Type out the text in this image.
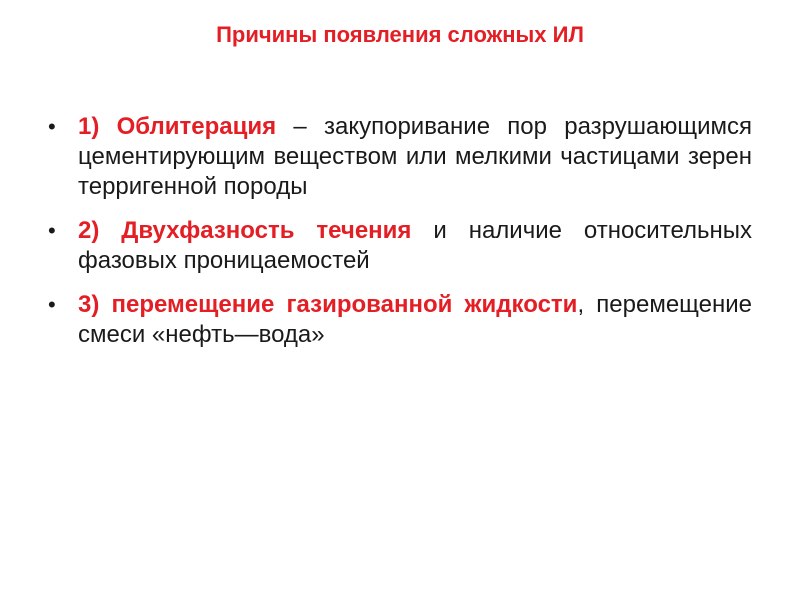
Причины появления сложных ИЛ
• 1) Облитерация – закупоривание пор разрушающимся цементирующим веществом или мелкими частицами зерен терригенной породы
• 2) Двухфазность течения и наличие относительных фазовых проницаемостей
• 3) перемещение газированной жидкости, перемещение смеси «нефть—вода»
